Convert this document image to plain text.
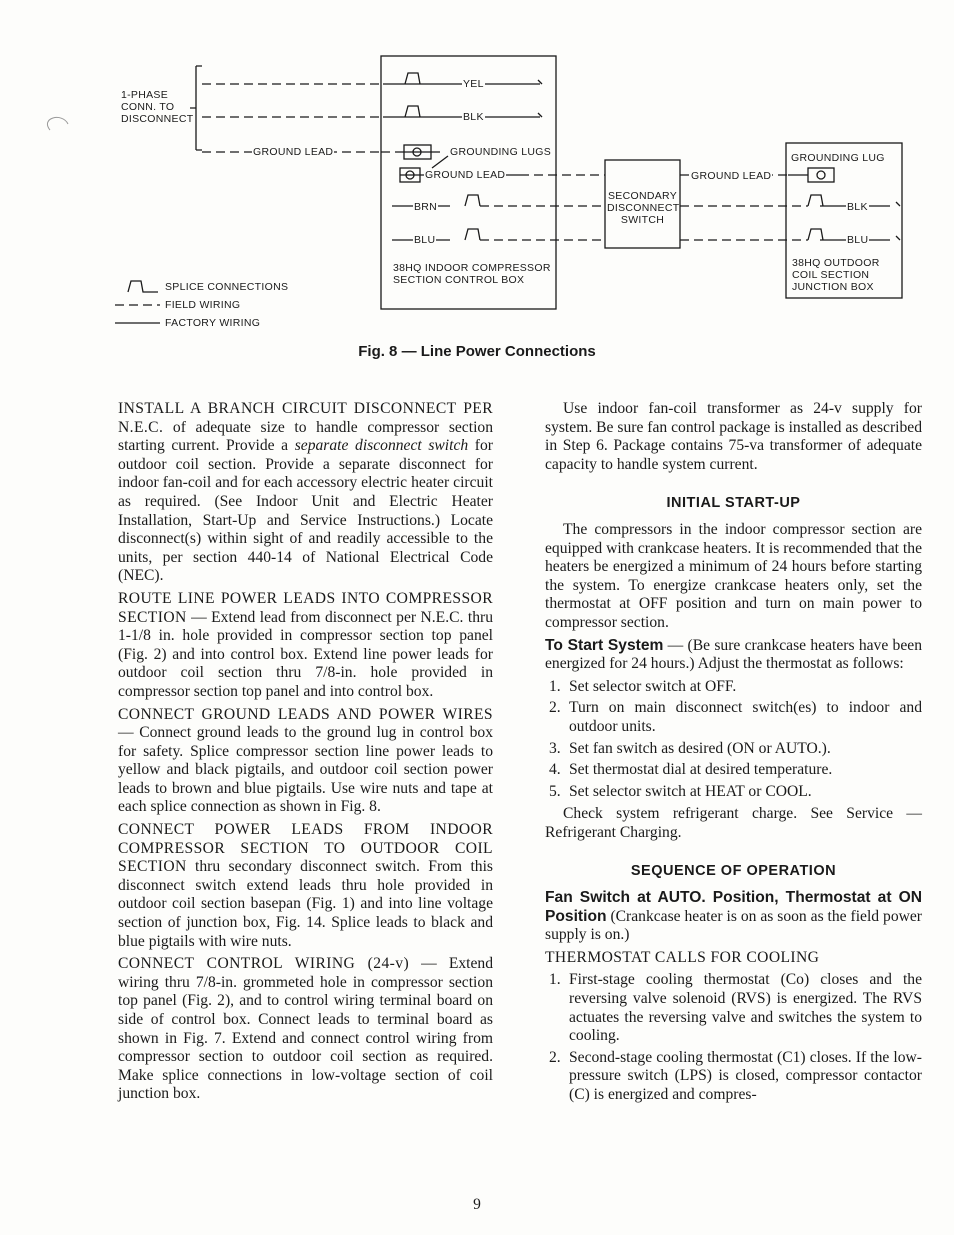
1-PHASE
CONN. TO
DISCONNECT
GROUND LEAD
YEL
BLK
GROUNDING LUGS
GROUND LEAD
BRN
BLU
38HQ INDOOR COMPRESSOR
SECTION CONTROL BOX
SECONDARY
DISCONNECT
SWITCH
GROUND LEAD
GROUNDING LUG
BLK
BLU
38HQ OUTDOOR
COIL SECTION
JUNCTION BOX
SPLICE CONNECTIONS
FIELD WIRING
FACTORY WIRING
Fig. 8 — Line Power Connections

INSTALL A BRANCH CIRCUIT DISCONNECT PER N.E.C. of adequate size to handle compressor section starting current. Provide a separate disconnect switch for outdoor coil section. Provide a separate disconnect for indoor fan-coil and for each accessory electric heater circuit as required. (See Indoor Unit and Electric Heater Installation, Start-Up and Service Instructions.) Locate disconnect(s) within sight of and readily accessible to the units, per section 440-14 of National Electrical Code (NEC).

ROUTE LINE POWER LEADS INTO COMPRESSOR SECTION — Extend lead from disconnect per N.E.C. thru 1-1/8 in. hole provided in compressor section top panel (Fig. 2) and into control box. Extend line power leads for outdoor coil section thru 7/8-in. hole provided in compressor section top panel and into control box.

CONNECT GROUND LEADS AND POWER WIRES — Connect ground leads to the ground lug in control box for safety. Splice compressor section line power leads to yellow and black pigtails, and outdoor coil section power leads to brown and blue pigtails. Use wire nuts and tape at each splice connection as shown in Fig. 8.

CONNECT POWER LEADS FROM INDOOR COMPRESSOR SECTION TO OUTDOOR COIL SECTION thru secondary disconnect switch. From this disconnect switch extend leads thru hole provided in outdoor coil section basepan (Fig. 1) and into line voltage section of junction box, Fig. 14. Splice leads to black and blue pigtails with wire nuts.

CONNECT CONTROL WIRING (24-v) — Extend wiring thru 7/8-in. grommeted hole in compressor section top panel (Fig. 2), and to control wiring terminal board on side of control box. Connect leads to terminal board as shown in Fig. 7. Extend and connect control wiring from compressor section to outdoor coil section as required. Make splice connections in low-voltage section of coil junction box.

Use indoor fan-coil transformer as 24-v supply for system. Be sure fan control package is installed as described in Step 6. Package contains 75-va transformer of adequate capacity to handle system current.

INITIAL START-UP

The compressors in the indoor compressor section are equipped with crankcase heaters. It is recommended that the heaters be energized a minimum of 24 hours before starting the system. To energize crankcase heaters only, set the thermostat at OFF position and turn on main power to compressor section.

To Start System — (Be sure crankcase heaters have been energized for 24 hours.) Adjust the thermostat as follows:

1. Set selector switch at OFF.
2. Turn on main disconnect switch(es) to indoor and outdoor units.
3. Set fan switch as desired (ON or AUTO.).
4. Set thermostat dial at desired temperature.
5. Set selector switch at HEAT or COOL.

Check system refrigerant charge. See Service — Refrigerant Charging.

SEQUENCE OF OPERATION

Fan Switch at AUTO. Position, Thermostat at ON Position (Crankcase heater is on as soon as the field power supply is on.)

THERMOSTAT CALLS FOR COOLING

1. First-stage cooling thermostat (Co) closes and the reversing valve solenoid (RVS) is energized. The RVS actuates the reversing valve and switches the system to cooling.
2. Second-stage cooling thermostat (C1) closes. If the low-pressure switch (LPS) is closed, compressor contactor (C) is energized and compres-
9
